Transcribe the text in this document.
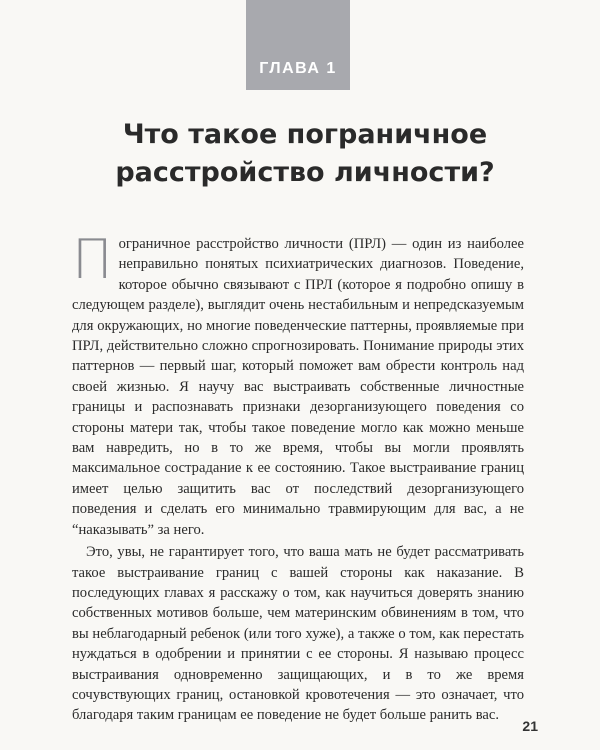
ГЛАВА 1
Что такое пограничное
расстройство личности?

Пограничное расстройство личности (ПРЛ) — один из наиболее неправильно понятых психиатрических диагнозов. Поведение, которое обычно связывают с ПРЛ (которое я подробно опишу в следующем разделе), выглядит очень нестабильным и непредсказуемым для окружающих, но многие поведенческие паттерны, проявляемые при ПРЛ, действительно сложно спрогнозировать. Понимание природы этих паттернов — первый шаг, который поможет вам обрести контроль над своей жизнью. Я научу вас выстраивать собственные личностные границы и распознавать признаки дезорганизующего поведения со стороны матери так, чтобы такое поведение могло как можно меньше вам навредить, но в то же время, чтобы вы могли проявлять максимальное сострадание к ее состоянию. Такое выстраивание границ имеет целью защитить вас от последствий дезорганизующего поведения и сделать его минимально травмирующим для вас, а не “наказывать” за него.

Это, увы, не гарантирует того, что ваша мать не будет рассматривать такое выстраивание границ с вашей стороны как наказание. В последующих главах я расскажу о том, как научиться доверять знанию собственных мотивов больше, чем материнским обвинениям в том, что вы неблагодарный ребенок (или того хуже), а также о том, как перестать нуждаться в одобрении и принятии с ее стороны. Я называю процесс выстраивания одновременно защищающих, и в то же время сочувствующих границ, остановкой кровотечения — это означает, что благодаря таким границам ее поведение не будет больше ранить вас.

21
